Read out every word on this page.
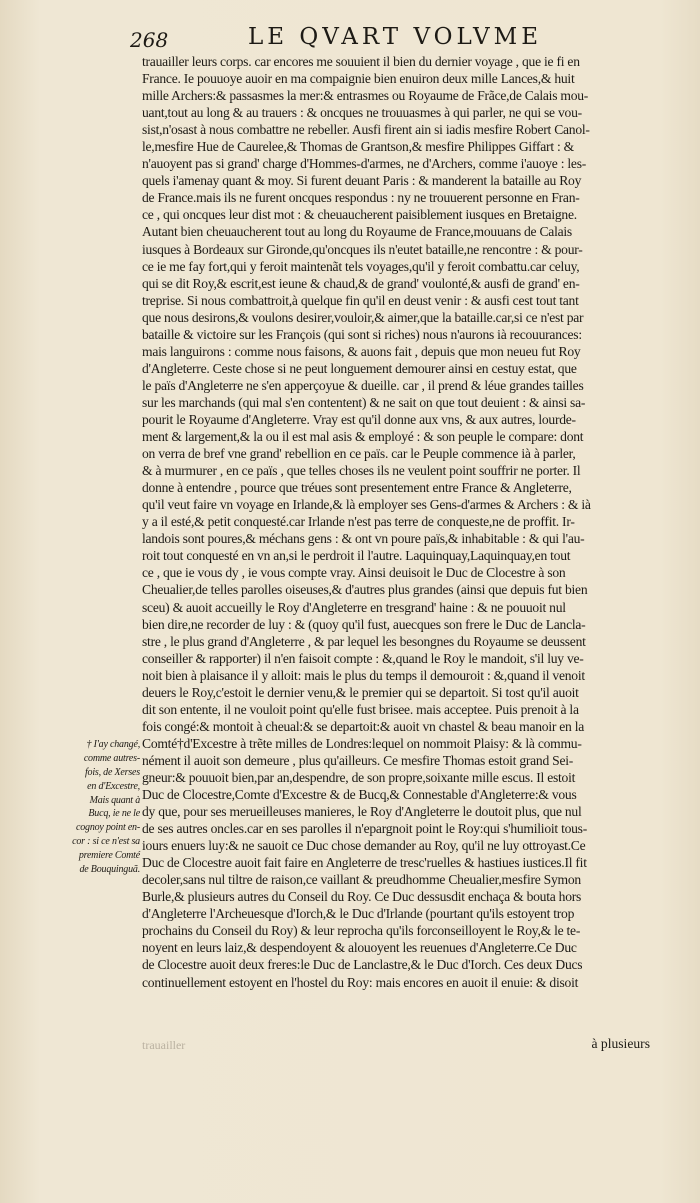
268	LE QVART VOLVME
trauailler leurs corps. car encores me souuient il bien du dernier voyage , que ie fi en
France. Ie pouuoye auoir en ma compaignie bien enuiron deux mille Lances,& huit
mille Archers:& passasmes la mer:& entrasmes ou Royaume de Frãce,de Calais mou-
uant,tout au long & au trauers : & oncques ne trouuasmes à qui parler, ne qui se vou-
sist,n'osast à nous combattre ne rebeller. Ausfi firent ain si iadis mesfire Robert Canol-
le,mesfire Hue de Caurelee,& Thomas de Grantson,& mesfire Philippes Giffart : &
n'auoyent pas si grand' charge d'Hommes-d'armes, ne d'Archers, comme i'auoye : les-
quels i'amenay quant & moy. Si furent deuant Paris : & manderent la bataille au Roy
de France.mais ils ne furent oncques respondus : ny ne trouuerent personne en Fran-
ce , qui oncques leur dist mot : & cheuaucherent paisiblement iusques en Bretaigne.
Autant bien cheuaucherent tout au long du Royaume de France,mouuans de Calais
iusques à Bordeaux sur Gironde,qu'oncques ils n'eutet bataille,ne rencontre : & pour-
ce ie me fay fort,qui y feroit maintenãt tels voyages,qu'il y feroit combattu.car celuy,
qui se dit Roy,& escrit,est ieune & chaud,& de grand' voulonté,& ausfi de grand' en-
treprise. Si nous combattroit,à quelque fin qu'il en deust venir : & ausfi cest tout tant
que nous desirons,& voulons desirer,vouloir,& aimer,que la bataille.car,si ce n'est par
bataille & victoire sur les François (qui sont si riches) nous n'aurons ià recouurances:
mais languirons : comme nous faisons, & auons fait , depuis que mon neueu fut Roy
d'Angleterre. Ceste chose si ne peut longuement demourer ainsi en cestuy estat, que
le païs d'Angleterre ne s'en apperçoyue & dueille. car , il prend & léue grandes tailles
sur les marchands (qui mal s'en contentent) & ne sait on que tout deuient : & ainsi sa-
pourit le Royaume d'Angleterre. Vray est qu'il donne aux vns, & aux autres, lourde-
ment & largement,& la ou il est mal asis & employé : & son peuple le compare: dont
on verra de bref vne grand' rebellion en ce païs. car le Peuple commence ià à parler,
& à murmurer , en ce païs , que telles choses ils ne veulent point souffrir ne porter. Il
donne à entendre , pource que tréues sont presentement entre France & Angleterre,
qu'il veut faire vn voyage en Irlande,& là employer ses Gens-d'armes & Archers : & ià
y a il esté,& petit conquesté.car Irlande n'est pas terre de conqueste,ne de proffit. Ir-
landois sont poures,& méchans gens : & ont vn poure païs,& inhabitable : & qui l'au-
roit tout conquesté en vn an,si le perdroit il l'autre. Laquinquay,Laquinquay,en tout
ce , que ie vous dy , ie vous compte vray. Ainsi deuisoit le Duc de Clocestre à son
Cheualier,de telles parolles oiseuses,& d'autres plus grandes (ainsi que depuis fut bien
sceu) & auoit accueilly le Roy d'Angleterre en tresgrand' haine : & ne pouuoit nul
bien dire,ne recorder de luy : & (quoy qu'il fust, auecques son frere le Duc de Lancla-
stre , le plus grand d'Angleterre , & par lequel les besongnes du Royaume se deussent
conseiller & rapporter) il n'en faisoit compte : &,quand le Roy le mandoit, s'il luy ve-
noit bien à plaisance il y alloit: mais le plus du temps il demouroit : &,quand il venoit
deuers le Roy,c'estoit le dernier venu,& le premier qui se departoit. Si tost qu'il auoit
dit son entente, il ne vouloit point qu'elle fust brisee. mais acceptee. Puis prenoit à la
fois congé:& montoit à cheual:& se departoit:& auoit vn chastel & beau manoir en la
Comté†d'Excestre à trẽte milles de Londres:lequel on nommoit Plaisy: & là commu-
nément il auoit son demeure , plus qu'ailleurs. Ce mesfire Thomas estoit grand Sei-
gneur:& pouuoit bien,par an,despendre, de son propre,soixante mille escus. Il estoit
Duc de Clocestre,Comte d'Excestre & de Bucq,& Connestable d'Angleterre:& vous
dy que, pour ses merueilleuses manieres, le Roy d'Angleterre le doutoit plus, que nul
de ses autres oncles.car en ses parolles il n'epargnoit point le Roy:qui s'humilioit tous-
iours enuers luy:& ne sauoit ce Duc chose demander au Roy, qu'il ne luy ottroyast.Ce
Duc de Clocestre auoit fait faire en Angleterre de tresc'ruelles & hastiues iustices.Il fit
decoler,sans nul tiltre de raison,ce vaillant & preudhomme Cheualier,mesfire Symon
Burle,& plusieurs autres du Conseil du Roy. Ce Duc dessusdit enchaça & bouta hors
d'Angleterre l'Archeuesque d'Iorch,& le Duc d'Irlande (pourtant qu'ils estoyent trop
prochains du Conseil du Roy) & leur reprocha qu'ils forconseilloyent le Roy,& le te-
noyent en leurs laiz,& despendoyent & alouoyent les reuenues d'Angleterre.Ce Duc
de Clocestre auoit deux freres:le Duc de Lanclastre,& le Duc d'Iorch. Ces deux Ducs
continuellement estoyent en l'hostel du Roy: mais encores en auoit il enuie: & disoit
† I'ay changé,
comme autres-
fois, de Xerses
en d'Excestre,
Mais quant à
Bucq, ie ne le
cognoy point en-
cor : si ce n'est sa
premiere Comté
de Bouquinguã.
trauailler	à plusieurs
